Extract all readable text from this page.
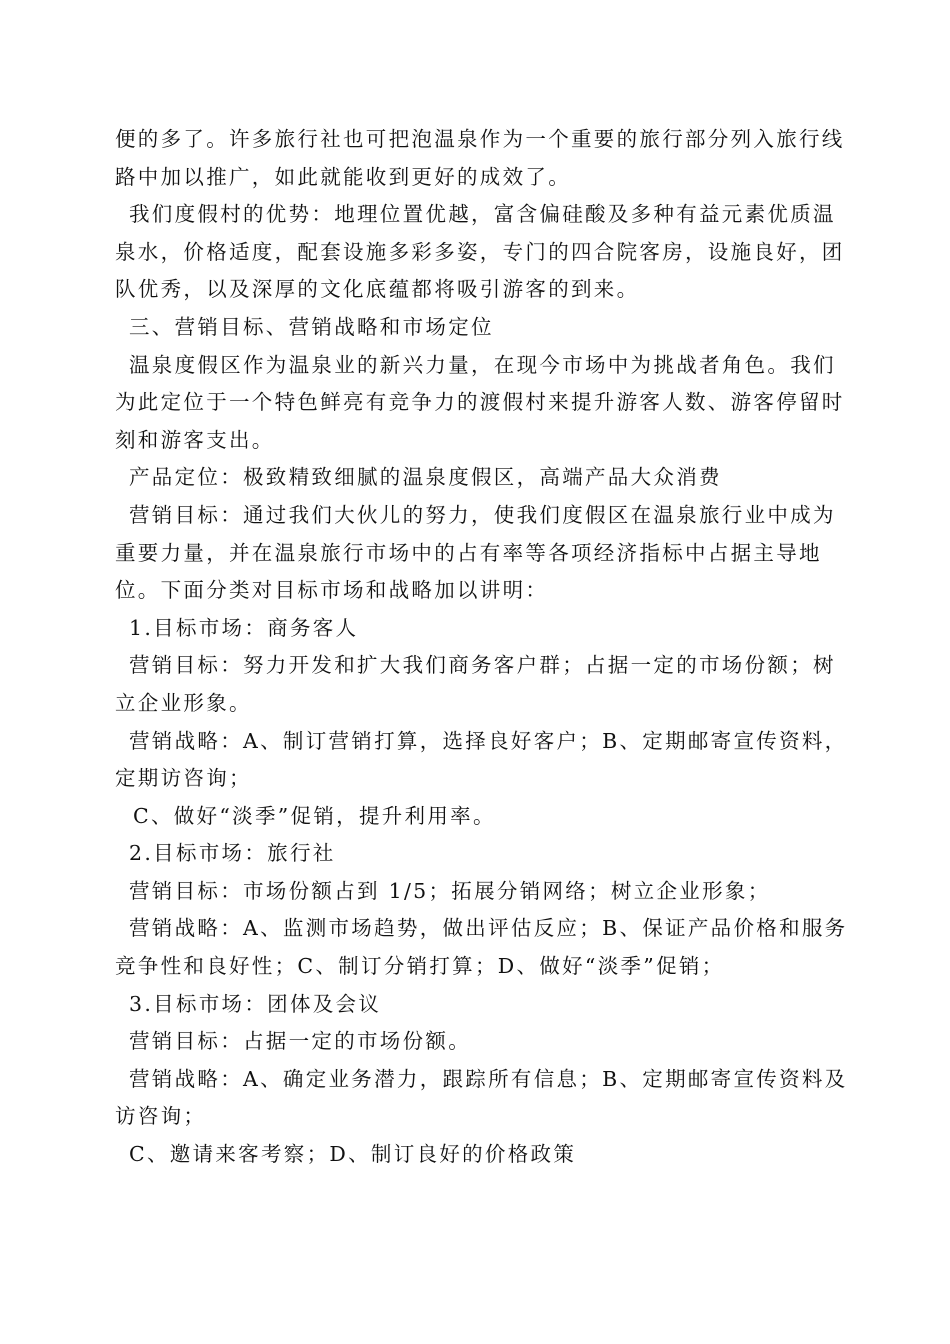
便的多了。许多旅行社也可把泡温泉作为一个重要的旅行部分列入旅行线
路中加以推广，如此就能收到更好的成效了。
我们度假村的优势：地理位置优越，富含偏硅酸及多种有益元素优质温
泉水，价格适度，配套设施多彩多姿，专门的四合院客房，设施良好，团
队优秀，以及深厚的文化底蕴都将吸引游客的到来。
三、营销目标、营销战略和市场定位
温泉度假区作为温泉业的新兴力量，在现今市场中为挑战者角色。我们
为此定位于一个特色鲜亮有竞争力的渡假村来提升游客人数、游客停留时
刻和游客支出。
产品定位：极致精致细腻的温泉度假区，高端产品大众消费
营销目标：通过我们大伙儿的努力，使我们度假区在温泉旅行业中成为
重要力量，并在温泉旅行市场中的占有率等各项经济指标中占据主导地
位。下面分类对目标市场和战略加以讲明：
1.目标市场：商务客人
营销目标：努力开发和扩大我们商务客户群；占据一定的市场份额；树
立企业形象。
营销战略：A、制订营销打算，选择良好客户；B、定期邮寄宣传资料，
定期访咨询；
C、做好“淡季”促销，提升利用率。
2.目标市场：旅行社
营销目标：市场份额占到 1/5；拓展分销网络；树立企业形象；
营销战略：A、监测市场趋势，做出评估反应；B、保证产品价格和服务
竞争性和良好性；C、制订分销打算；D、做好“淡季”促销；
3.目标市场：团体及会议
营销目标：占据一定的市场份额。
营销战略：A、确定业务潜力，跟踪所有信息；B、定期邮寄宣传资料及
访咨询；
C、邀请来客考察；D、制订良好的价格政策
